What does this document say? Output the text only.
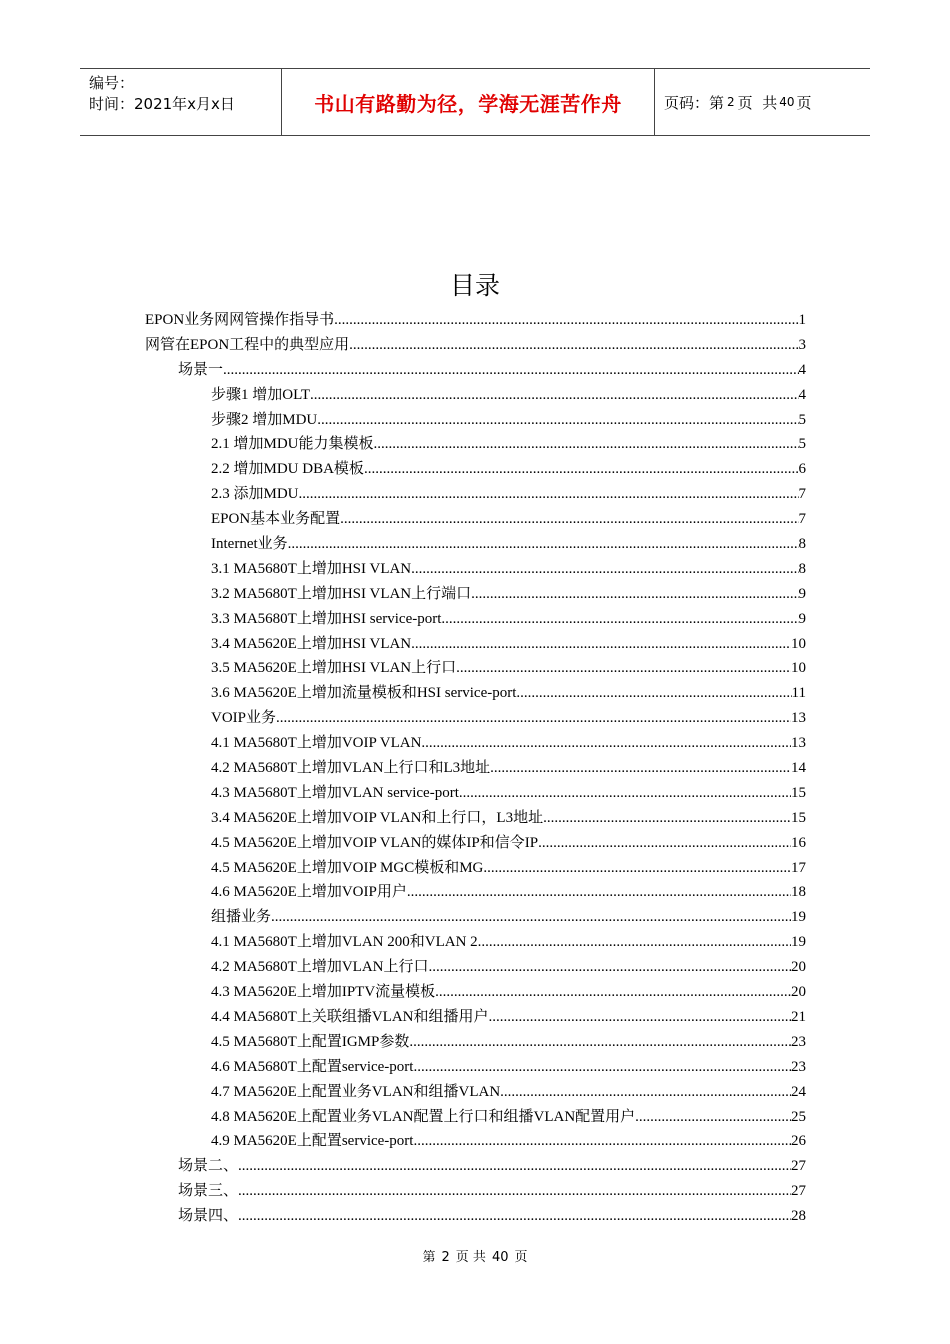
编号：
时间：2021年x月x日	书山有路勤为径，学海无涯苦作舟	页码：第 2 页  共 40 页
目录
EPON业务网网管操作指导书 .....	1
网管在EPON工程中的典型应用 .....	3
场景一 .....	4
步骤1 增加OLT .....	4
步骤2 增加MDU .....	5
2.1 增加MDU能力集模板 .....	5
2.2 增加MDU DBA模板 .....	6
2.3 添加MDU .....	7
EPON基本业务配置 .....	7
Internet业务 .....	8
3.1 MA5680T上增加HSI VLAN .....	8
3.2 MA5680T上增加HSI VLAN上行端口 .....	9
3.3 MA5680T上增加HSI service-port .....	9
3.4 MA5620E上增加HSI VLAN .....	10
3.5 MA5620E上增加HSI VLAN上行口 .....	10
3.6 MA5620E上增加流量模板和HSI service-port .....	11
VOIP业务 .....	13
4.1 MA5680T上增加VOIP VLAN .....	13
4.2 MA5680T上增加VLAN上行口和L3地址 .....	14
4.3 MA5680T上增加VLAN service-port .....	15
3.4 MA5620E上增加VOIP VLAN和上行口，L3地址 .....	15
4.5 MA5620E上增加VOIP VLAN的媒体IP和信令IP .....	16
4.5 MA5620E上增加VOIP MGC模板和MG .....	17
4.6 MA5620E上增加VOIP用户 .....	18
组播业务 .....	19
4.1 MA5680T上增加VLAN 200和VLAN 2 .....	19
4.2 MA5680T上增加VLAN上行口 .....	20
4.3 MA5620E上增加IPTV流量模板 .....	20
4.4 MA5680T上关联组播VLAN和组播用户 .....	21
4.5 MA5680T上配置IGMP参数 .....	23
4.6 MA5680T上配置service-port .....	23
4.7 MA5620E上配置业务VLAN和组播VLAN .....	24
4.8 MA5620E上配置业务VLAN配置上行口和组播VLAN配置用户 .....	25
4.9 MA5620E上配置service-port .....	26
场景二、 .....	27
场景三、 .....	27
场景四、 .....	28
第 2 页 共 40 页
